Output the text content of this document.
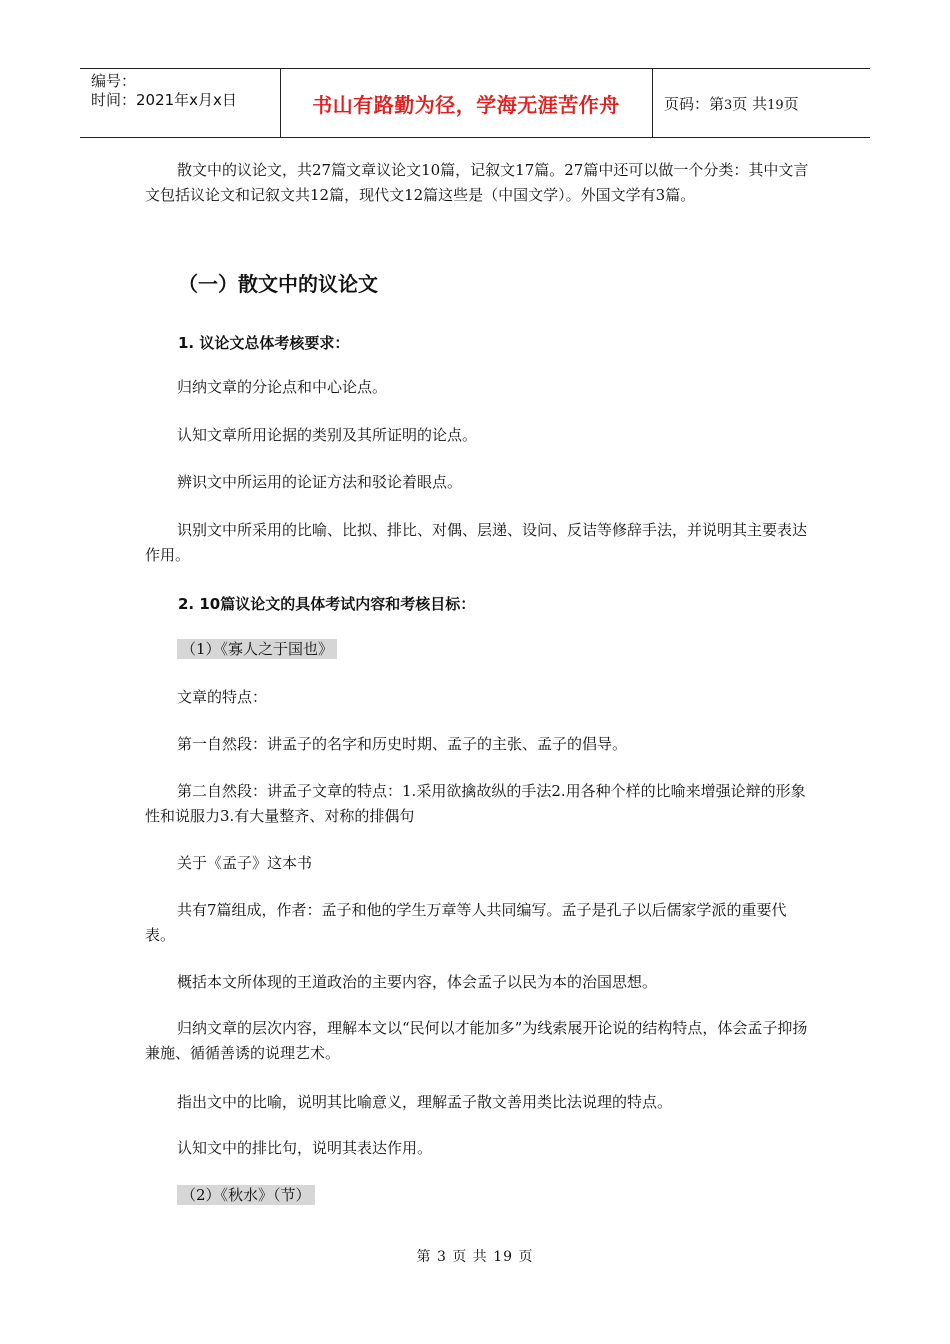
编号：
时间：2021年x月x日	书山有路勤为径，学海无涯苦作舟	页码：第3页 共19页
散文中的议论文，共27篇文章议论文10篇，记叙文17篇。27篇中还可以做一个分类：其中文言文包括议论文和记叙文共12篇，现代文12篇这些是（中国文学）。外国文学有3篇。
（一）散文中的议论文
1. 议论文总体考核要求：
归纳文章的分论点和中心论点。
认知文章所用论据的类别及其所证明的论点。
辨识文中所运用的论证方法和驳论着眼点。
识别文中所采用的比喻、比拟、排比、对偶、层递、设问、反诘等修辞手法，并说明其主要表达作用。
2. 10篇议论文的具体考试内容和考核目标：
（1）《寡人之于国也》
文章的特点：
第一自然段：讲孟子的名字和历史时期、孟子的主张、孟子的倡导。
第二自然段：讲孟子文章的特点：1.采用欲擒故纵的手法2.用各种个样的比喻来增强论辩的形象性和说服力3.有大量整齐、对称的排偶句
关于《孟子》这本书
共有7篇组成，作者：孟子和他的学生万章等人共同编写。孟子是孔子以后儒家学派的重要代表。
概括本文所体现的王道政治的主要内容，体会孟子以民为本的治国思想。
归纳文章的层次内容，理解本文以“民何以才能加多”为线索展开论说的结构特点，体会孟子抑扬兼施、循循善诱的说理艺术。
指出文中的比喻，说明其比喻意义，理解孟子散文善用类比法说理的特点。
认知文中的排比句，说明其表达作用。
（2）《秋水》（节）
第 3 页 共 19 页
